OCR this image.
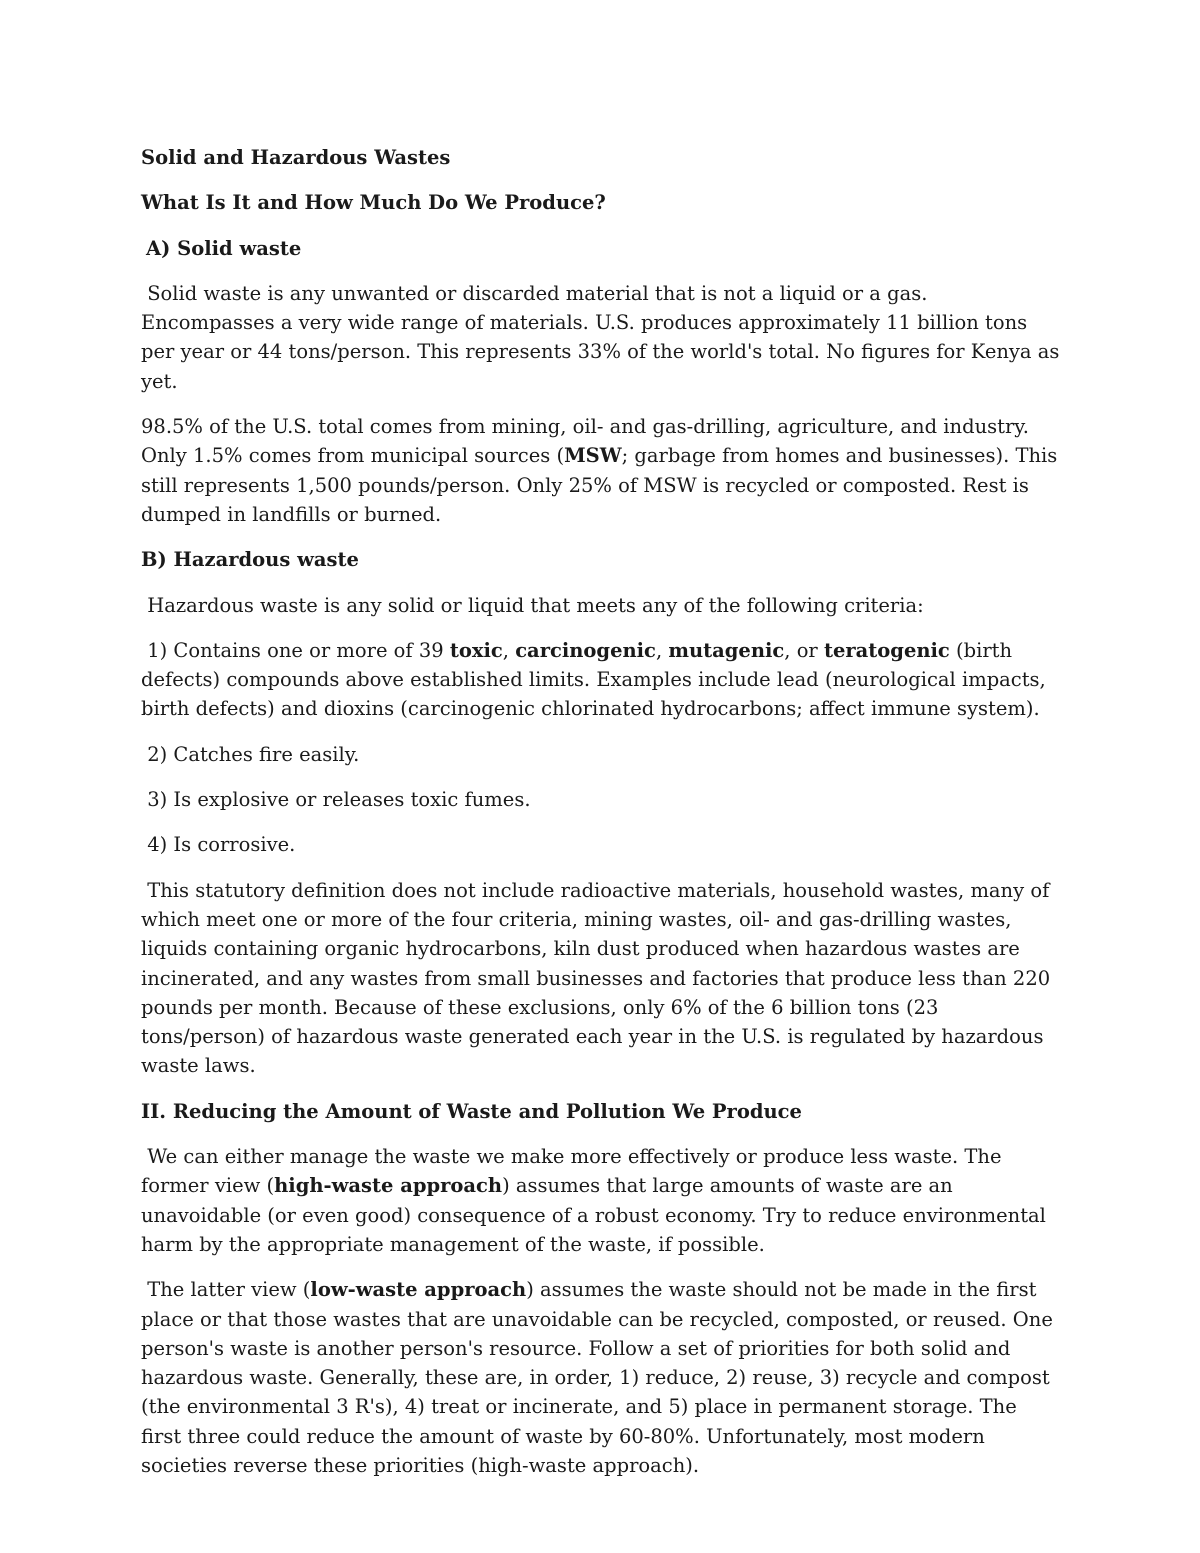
Solid and Hazardous Wastes

What Is It and How Much Do We Produce?

A) Solid waste

Solid waste is any unwanted or discarded material that is not a liquid or a gas. Encompasses a very wide range of materials. U.S. produces approximately 11 billion tons per year or 44 tons/person. This represents 33% of the world's total. No figures for Kenya as yet.

98.5% of the U.S. total comes from mining, oil- and gas-drilling, agriculture, and industry. Only 1.5% comes from municipal sources (MSW; garbage from homes and businesses). This still represents 1,500 pounds/person. Only 25% of MSW is recycled or composted. Rest is dumped in landfills or burned.

B) Hazardous waste

Hazardous waste is any solid or liquid that meets any of the following criteria:

1) Contains one or more of 39 toxic, carcinogenic, mutagenic, or teratogenic (birth defects) compounds above established limits. Examples include lead (neurological impacts, birth defects) and dioxins (carcinogenic chlorinated hydrocarbons; affect immune system).

2) Catches fire easily.

3) Is explosive or releases toxic fumes.

4) Is corrosive.

This statutory definition does not include radioactive materials, household wastes, many of which meet one or more of the four criteria, mining wastes, oil- and gas-drilling wastes, liquids containing organic hydrocarbons, kiln dust produced when hazardous wastes are incinerated, and any wastes from small businesses and factories that produce less than 220 pounds per month. Because of these exclusions, only 6% of the 6 billion tons (23 tons/person) of hazardous waste generated each year in the U.S. is regulated by hazardous waste laws.

II. Reducing the Amount of Waste and Pollution We Produce

We can either manage the waste we make more effectively or produce less waste. The former view (high-waste approach) assumes that large amounts of waste are an unavoidable (or even good) consequence of a robust economy. Try to reduce environmental harm by the appropriate management of the waste, if possible.

The latter view (low-waste approach) assumes the waste should not be made in the first place or that those wastes that are unavoidable can be recycled, composted, or reused. One person's waste is another person's resource. Follow a set of priorities for both solid and hazardous waste. Generally, these are, in order, 1) reduce, 2) reuse, 3) recycle and compost (the environmental 3 R's), 4) treat or incinerate, and 5) place in permanent storage. The first three could reduce the amount of waste by 60-80%. Unfortunately, most modern societies reverse these priorities (high-waste approach).
